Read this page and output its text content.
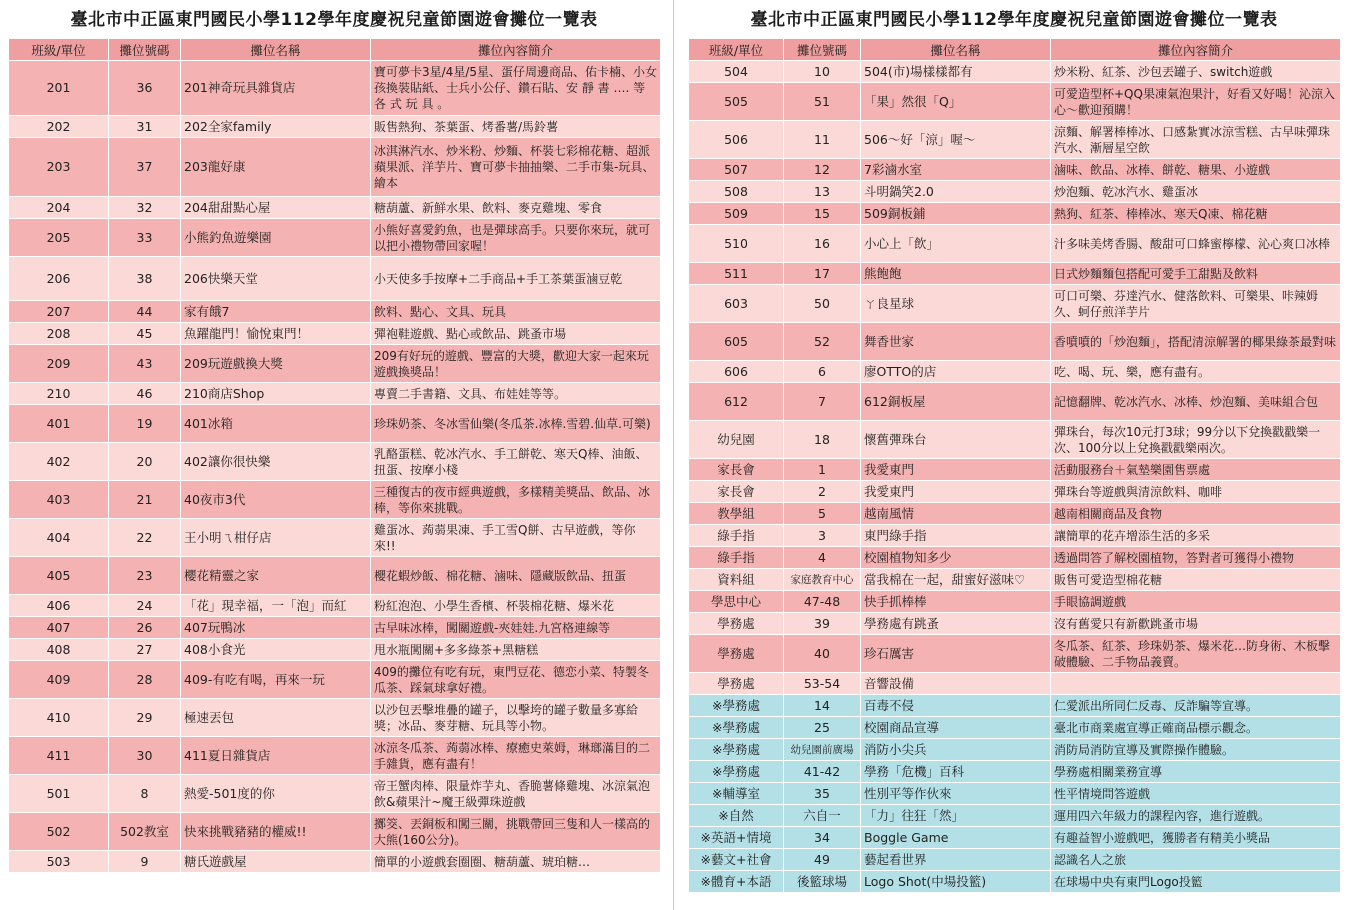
臺北市中正區東門國民小學112學年度慶祝兒童節園遊會攤位一覽表
班級/單位	攤位號碼	攤位名稱	攤位內容簡介
201	36	201神奇玩具雜貨店	寶可夢卡3星/4星/5星、蛋仔周邊商品、佑卡楠、小女孩換裝貼紙、士兵小公仔、鑽石貼、安 靜 書 …. 等 各 式 玩 具 。
202	31	202全家family	販售熱狗、茶葉蛋、烤番薯/馬鈴薯
203	37	203龍好康	冰淇淋汽水、炒米粉、炒麵、杯裝七彩棉花糖、超派蘋果派、洋芋片、寶可夢卡抽抽樂、二手市集-玩具、繪本
204	32	204甜甜點心屋	糖葫蘆、新鮮水果、飲料、麥克雞塊、零食
205	33	小熊釣魚遊樂園	小熊好喜愛釣魚，也是彈球高手。只要你來玩，就可以把小禮物帶回家喔！
206	38	206快樂天堂	小天使多手按摩+二手商品+手工茶葉蛋滷豆乾
207	44	家有餓7	飲料、點心、文具、玩具
208	45	魚躍龍門！愉悅東門！	彈袍鞋遊戲、點心或飲品、跳蚤市場
209	43	209玩遊戲換大獎	209有好玩的遊戲、豐富的大獎，歡迎大家一起來玩遊戲換獎品！
210	46	210商店Shop	專賣二手書籍、文具、布娃娃等等。
401	19	401冰箱	珍珠奶茶、冬冰雪仙樂(冬瓜茶.冰棒.雪碧.仙草.可樂)
402	20	402讓你很快樂	乳酪蛋糕、乾冰汽水、手工餅乾、寒天Q棒、油飯、扭蛋、按摩小棧
403	21	40夜市3代	三種復古的夜市經典遊戲，多樣精美獎品、飲品、冰棒，等你來挑戰。
404	22	王小明ㄟ柑仔店	雞蛋冰、蒟蒻果凍、手工雪Q餅、古早遊戲，等你來!!
405	23	櫻花精靈之家	櫻花蝦炒飯、棉花糖、滷味、隱藏版飲品、扭蛋
406	24	「花」現幸福，一「泡」而紅	粉紅泡泡、小學生香檳、杯裝棉花糖、爆米花
407	26	407玩鴨冰	古早味冰棒，闖關遊戲-夾娃娃.九宮格連線等
408	27	408小食光	甩水瓶闖關+多多綠茶+黑糖糕
409	28	409-有吃有喝，再來一玩	409的攤位有吃有玩，東門豆花、德恋小菜、特製冬瓜茶、踩氣球拿好禮。
410	29	極速丟包	以沙包丟擊堆疊的罐子，以擊垮的罐子數量多寡給獎；冰品、麥芽糖、玩具等小物。
411	30	411夏日雜貨店	冰涼冬瓜茶、蒟蒻冰棒、療癒史萊姆，琳瑯滿目的二手雜貨，應有盡有！
501	8	熱愛-501度的你	帝王蟹肉棒、限量炸芋丸、香脆薯條雞塊、冰涼氣泡飲&蘋果汁~魔王級彈珠遊戲
502	502教室	快來挑戰豬豬的權威!!	擲筊、丟銅板和闖三關，挑戰帶回三隻和人一樣高的大熊(160公分)。
503	9	糖氏遊戲屋	簡單的小遊戲套圈圈、糖葫蘆、琥珀糖…
臺北市中正區東門國民小學112學年度慶祝兒童節園遊會攤位一覽表
班級/單位	攤位號碼	攤位名稱	攤位內容簡介
504	10	504(市)場樣樣都有	炒米粉、紅茶、沙包丟罐子、switch遊戲
505	51	「果」然很「Q」	可愛造型杯+QQ果凍氣泡果汁，好看又好喝！沁涼入心～歡迎預購！
506	11	506～好「涼」喔～	涼麵、解署棒棒冰、口感紮實冰涼雪糕、古早味彈珠汽水、漸層星空飲
507	12	7彩滷水室	滷味、飲品、冰棒、餅乾、糖果、小遊戲
508	13	斗明鍋笑2.0	炒泡麵、乾冰汽水、雞蛋冰
509	15	509銅板鋪	熱狗、紅茶、棒棒冰、寒天Q凍、棉花糖
510	16	小心上「飲」	汁多味美烤香腸、酸甜可口蜂蜜檸檬、沁心爽口冰棒
511	17	熊飽飽	日式炒麵麵包搭配可愛手工甜點及飲料
603	50	ㄚ良星球	可口可樂、芬達汽水、健落飲料、可樂果、咔辣姆久、蚵仔煎洋芋片
605	52	舞香世家	香噴噴的「炒泡麵」，搭配清涼解署的椰果綠茶最對味
606	6	廖OTTO的店	吃、喝、玩、樂，應有盡有。
612	7	612銅板屋	記憶翻牌、乾冰汽水、冰棒、炒泡麵、美味組合包
幼兒園	18	懷舊彈珠台	彈珠台，每次10元打3球；99分以下兌換戳戳樂一次、100分以上兌換戳戳樂兩次。
家長會	1	我愛東門	活動服務台＋氣墊樂園售票處
家長會	2	我愛東門	彈珠台等遊戲與清涼飲料、咖啡
教學組	5	越南風情	越南相關商品及食物
綠手指	3	東門綠手指	讓簡單的花卉增添生活的多采
綠手指	4	校園植物知多少	透過問答了解校園植物，答對者可獲得小禮物
資料組	家庭教育中心	當我棉在一起，甜蜜好滋味♡	販售可愛造型棉花糖
學思中心	47-48	快手抓棒棒	手眼協調遊戲
學務處	39	學務處有跳蚤	沒有舊愛只有新歡跳蚤市場
學務處	40	珍石厲害	冬瓜茶、紅茶、珍珠奶茶、爆米花…防身術、木板擊破體驗、二手物品義賣。
學務處	53-54	音響設備	
※學務處	14	百毒不侵	仁愛派出所同仁反毒、反詐騙等宣導。
※學務處	25	校園商品宣導	臺北市商業處宣導正確商品標示觀念。
※學務處	幼兒園前廣場	消防小尖兵	消防局消防宣導及實際操作體驗。
※學務處	41-42	學務「危機」百科	學務處相關業務宣導
※輔導室	35	性別平等作伙來	性平情境問答遊戲
※自然	六自一	「力」往狂「然」	運用四六年級力的課程內容，進行遊戲。
※英語+情境	34	Boggle Game	有趣益智小遊戲吧，獲勝者有精美小獎品
※藝文+社會	49	藝起看世界	認識名人之旅
※體育+本語	後籃球場	Logo Shot(中場投籃)	在球場中央有東門Logo投籃
